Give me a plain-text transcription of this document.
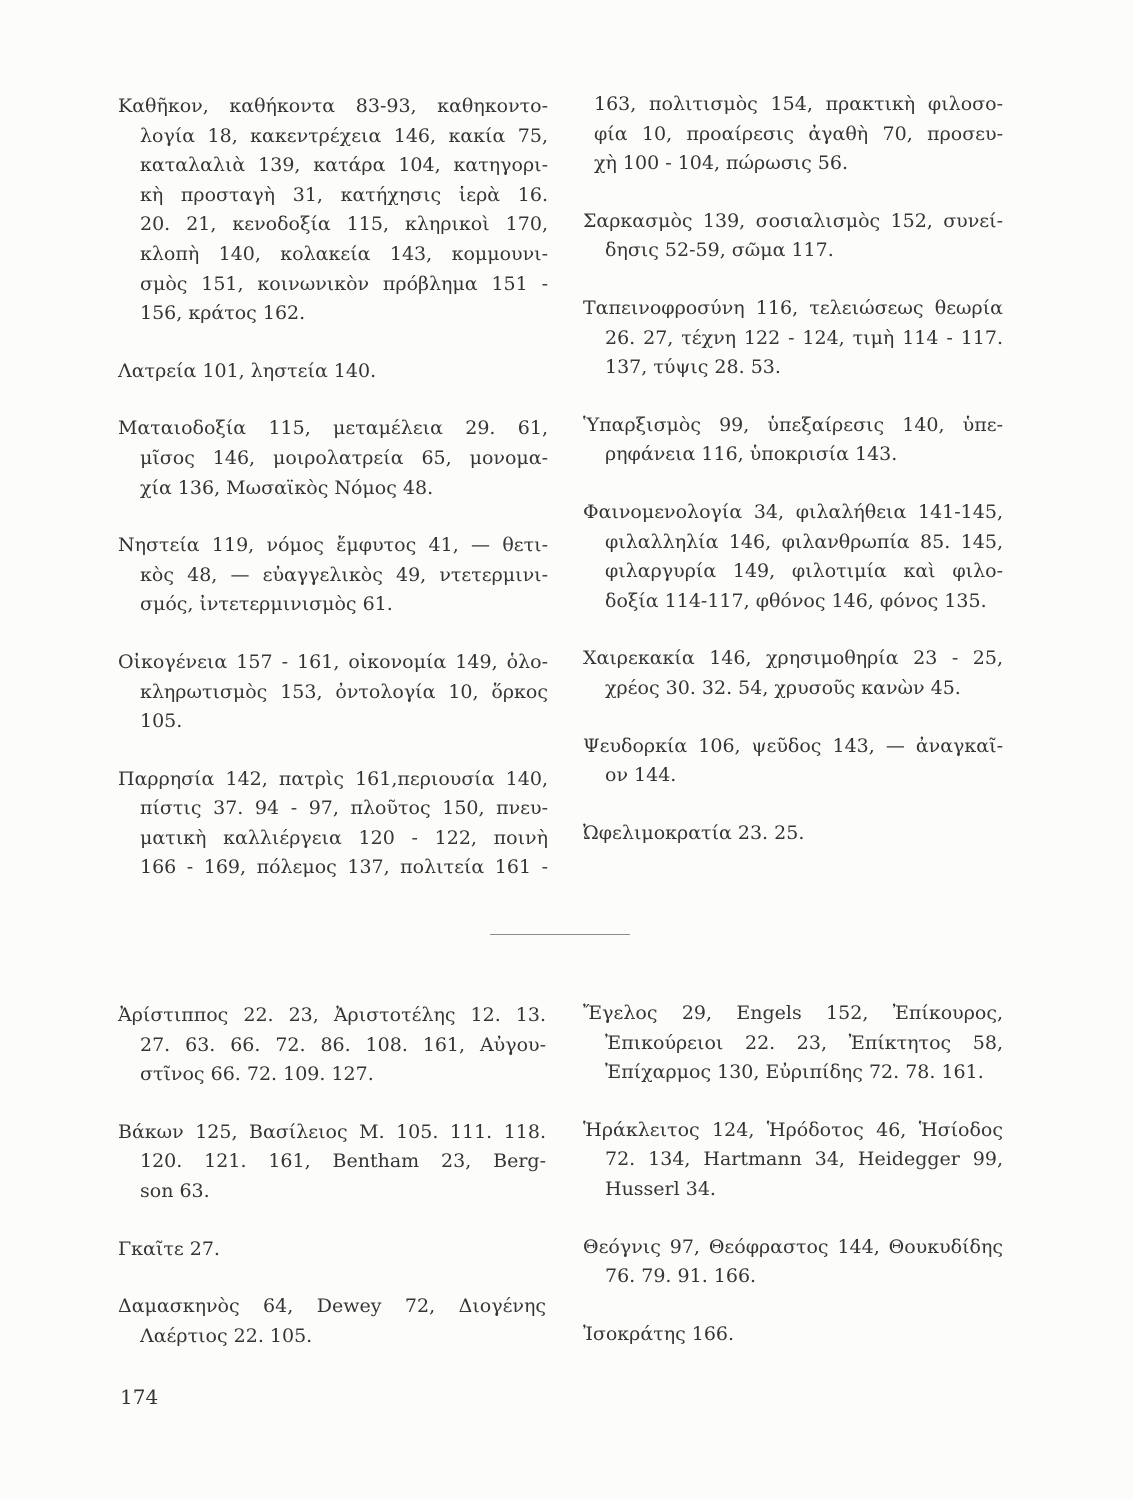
Καθῆκον, καθήκοντα 83-93, καθηκοντο-
λογία 18, κακεντρέχεια 146, κακία 75,
καταλαλιὰ 139, κατάρα 104, κατηγορι-
κὴ προσταγὴ 31, κατήχησις ἱερὰ 16.
20. 21, κενοδοξία 115, κληρικοὶ 170,
κλοπὴ 140, κολακεία 143, κομμουνι-
σμὸς 151, κοινωνικὸν πρόβλημα 151 -
156, κράτος 162.
Λατρεία 101, ληστεία 140.
Ματαιοδοξία 115, μεταμέλεια 29. 61,
μῖσος 146, μοιρολατρεία 65, μονομα-
χία 136, Μωσαϊκὸς Νόμος 48.
Νηστεία 119, νόμος ἔμφυτος 41, — θετι-
κὸς 48, — εὐαγγελικὸς 49, ντετερμινι-
σμός, ἰντετερμινισμὸς 61.
Οἰκογένεια 157 - 161, οἰκονομία 149, ὁλο-
κληρωτισμὸς 153, ὀντολογία 10, ὅρκος
105.
Παρρησία 142, πατρὶς 161,περιουσία 140,
πίστις 37. 94 - 97, πλοῦτος 150, πνευ-
ματικὴ καλλιέργεια 120 - 122, ποινὴ
166 - 169, πόλεμος 137, πολιτεία 161 -
163, πολιτισμὸς 154, πρακτικὴ φιλοσο-
φία 10, προαίρεσις ἀγαθὴ 70, προσευ-
χὴ 100 - 104, πώρωσις 56.
Σαρκασμὸς 139, σοσιαλισμὸς 152, συνεί-
δησις 52-59, σῶμα 117.
Ταπεινοφροσύνη 116, τελειώσεως θεωρία
26. 27, τέχνη 122 - 124, τιμὴ 114 - 117.
137, τύψις 28. 53.
Ὑπαρξισμὸς 99, ὑπεξαίρεσις 140, ὑπε-
ρηφάνεια 116, ὑποκρισία 143.
Φαινομενολογία 34, φιλαλήθεια 141-145,
φιλαλληλία 146, φιλανθρωπία 85. 145,
φιλαργυρία 149, φιλοτιμία καὶ φιλο-
δοξία 114-117, φθόνος 146, φόνος 135.
Χαιρεκακία 146, χρησιμοθηρία 23 - 25,
χρέος 30. 32. 54, χρυσοῦς κανὼν 45.
Ψευδορκία 106, ψεῦδος 143, — ἀναγκαῖ-
ον 144.
Ὠφελιμοκρατία 23. 25.
Ἀρίστιππος 22. 23, Ἀριστοτέλης 12. 13.
27. 63. 66. 72. 86. 108. 161, Αὐγου-
στῖνος 66. 72. 109. 127.
Βάκων 125, Βασίλειος Μ. 105. 111. 118.
120. 121. 161, Bentham 23, Berg-
son 63.
Γκαῖτε 27.
Δαμασκηνὸς 64, Dewey 72, Διογένης
Λαέρτιος 22. 105.
Ἔγελος 29, Engels 152, Ἐπίκουρος,
Ἐπικούρειοι 22. 23, Ἐπίκτητος 58,
Ἐπίχαρμος 130, Εὐριπίδης 72. 78. 161.
Ἡράκλειτος 124, Ἡρόδοτος 46, Ἡσίοδος
72. 134, Hartmann 34, Heidegger 99,
Husserl 34.
Θεόγνις 97, Θεόφραστος 144, Θουκυδίδης
76. 79. 91. 166.
Ἰσοκράτης 166.
174
